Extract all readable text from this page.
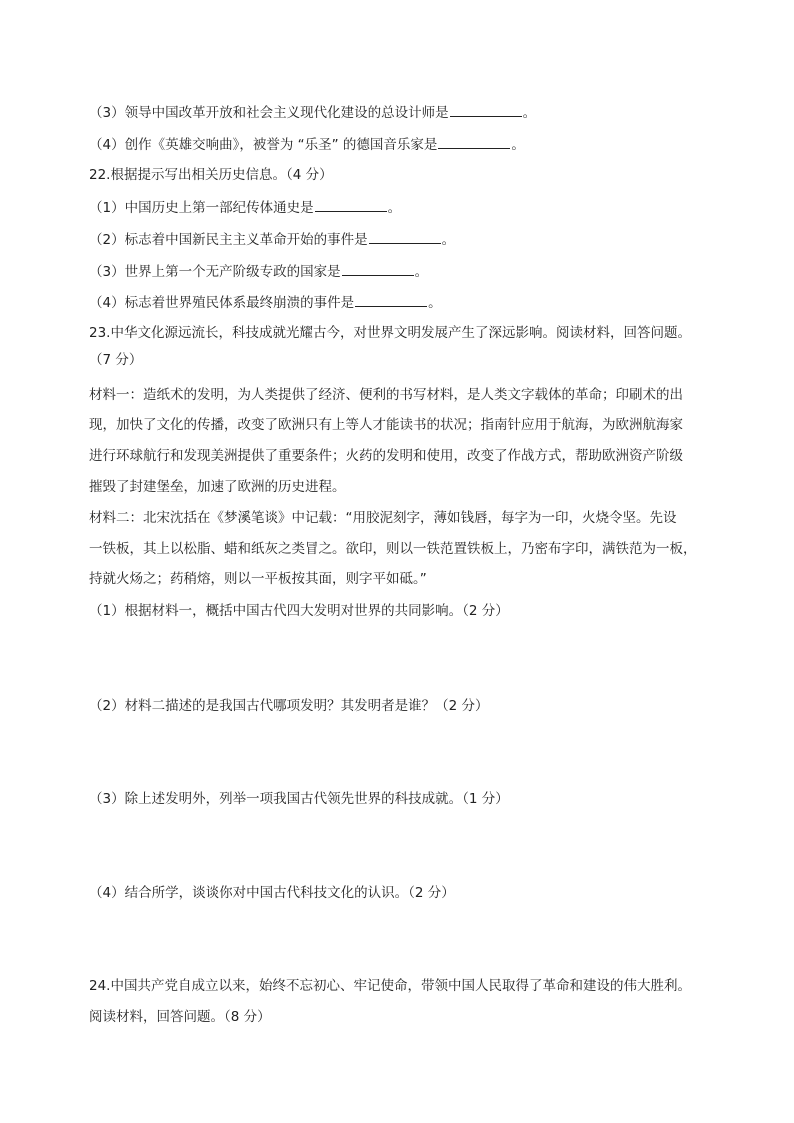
（3）领导中国改革开放和社会主义现代化建设的总设计师是	。
（4）创作《英雄交响曲》，被誉为 “乐圣” 的德国音乐家是	。
22.根据提示写出相关历史信息。（4 分）
（1）中国历史上第一部纪传体通史是	。
（2）标志着中国新民主主义革命开始的事件是	。
（3）世界上第一个无产阶级专政的国家是	。
（4）标志着世界殖民体系最终崩溃的事件是	。
23.中华文化源远流长，科技成就光耀古今，对世界文明发展产生了深远影响。阅读材料，回答问题。
（7 分）
材料一：造纸术的发明，为人类提供了经济、便利的书写材料，是人类文字载体的革命；印刷术的出
现，加快了文化的传播，改变了欧洲只有上等人才能读书的状况；指南针应用于航海，为欧洲航海家
进行环球航行和发现美洲提供了重要条件；火药的发明和使用，改变了作战方式，帮助欧洲资产阶级
摧毁了封建堡垒，加速了欧洲的历史进程。
材料二：北宋沈括在《梦溪笔谈》中记载：“用胶泥刻字，薄如钱唇，每字为一印，火烧令坚。先设
一铁板，其上以松脂、蜡和纸灰之类冒之。欲印，则以一铁范置铁板上，乃密布字印，满铁范为一板，
持就火炀之；药稍熔，则以一平板按其面，则字平如砥。”
（1）根据材料一，概括中国古代四大发明对世界的共同影响。（2 分）
（2）材料二描述的是我国古代哪项发明？其发明者是谁？（2 分）
（3）除上述发明外，列举一项我国古代领先世界的科技成就。（1 分）
（4）结合所学，谈谈你对中国古代科技文化的认识。（2 分）
24.中国共产党自成立以来，始终不忘初心、牢记使命，带领中国人民取得了革命和建设的伟大胜利。
阅读材料，回答问题。（8 分）
